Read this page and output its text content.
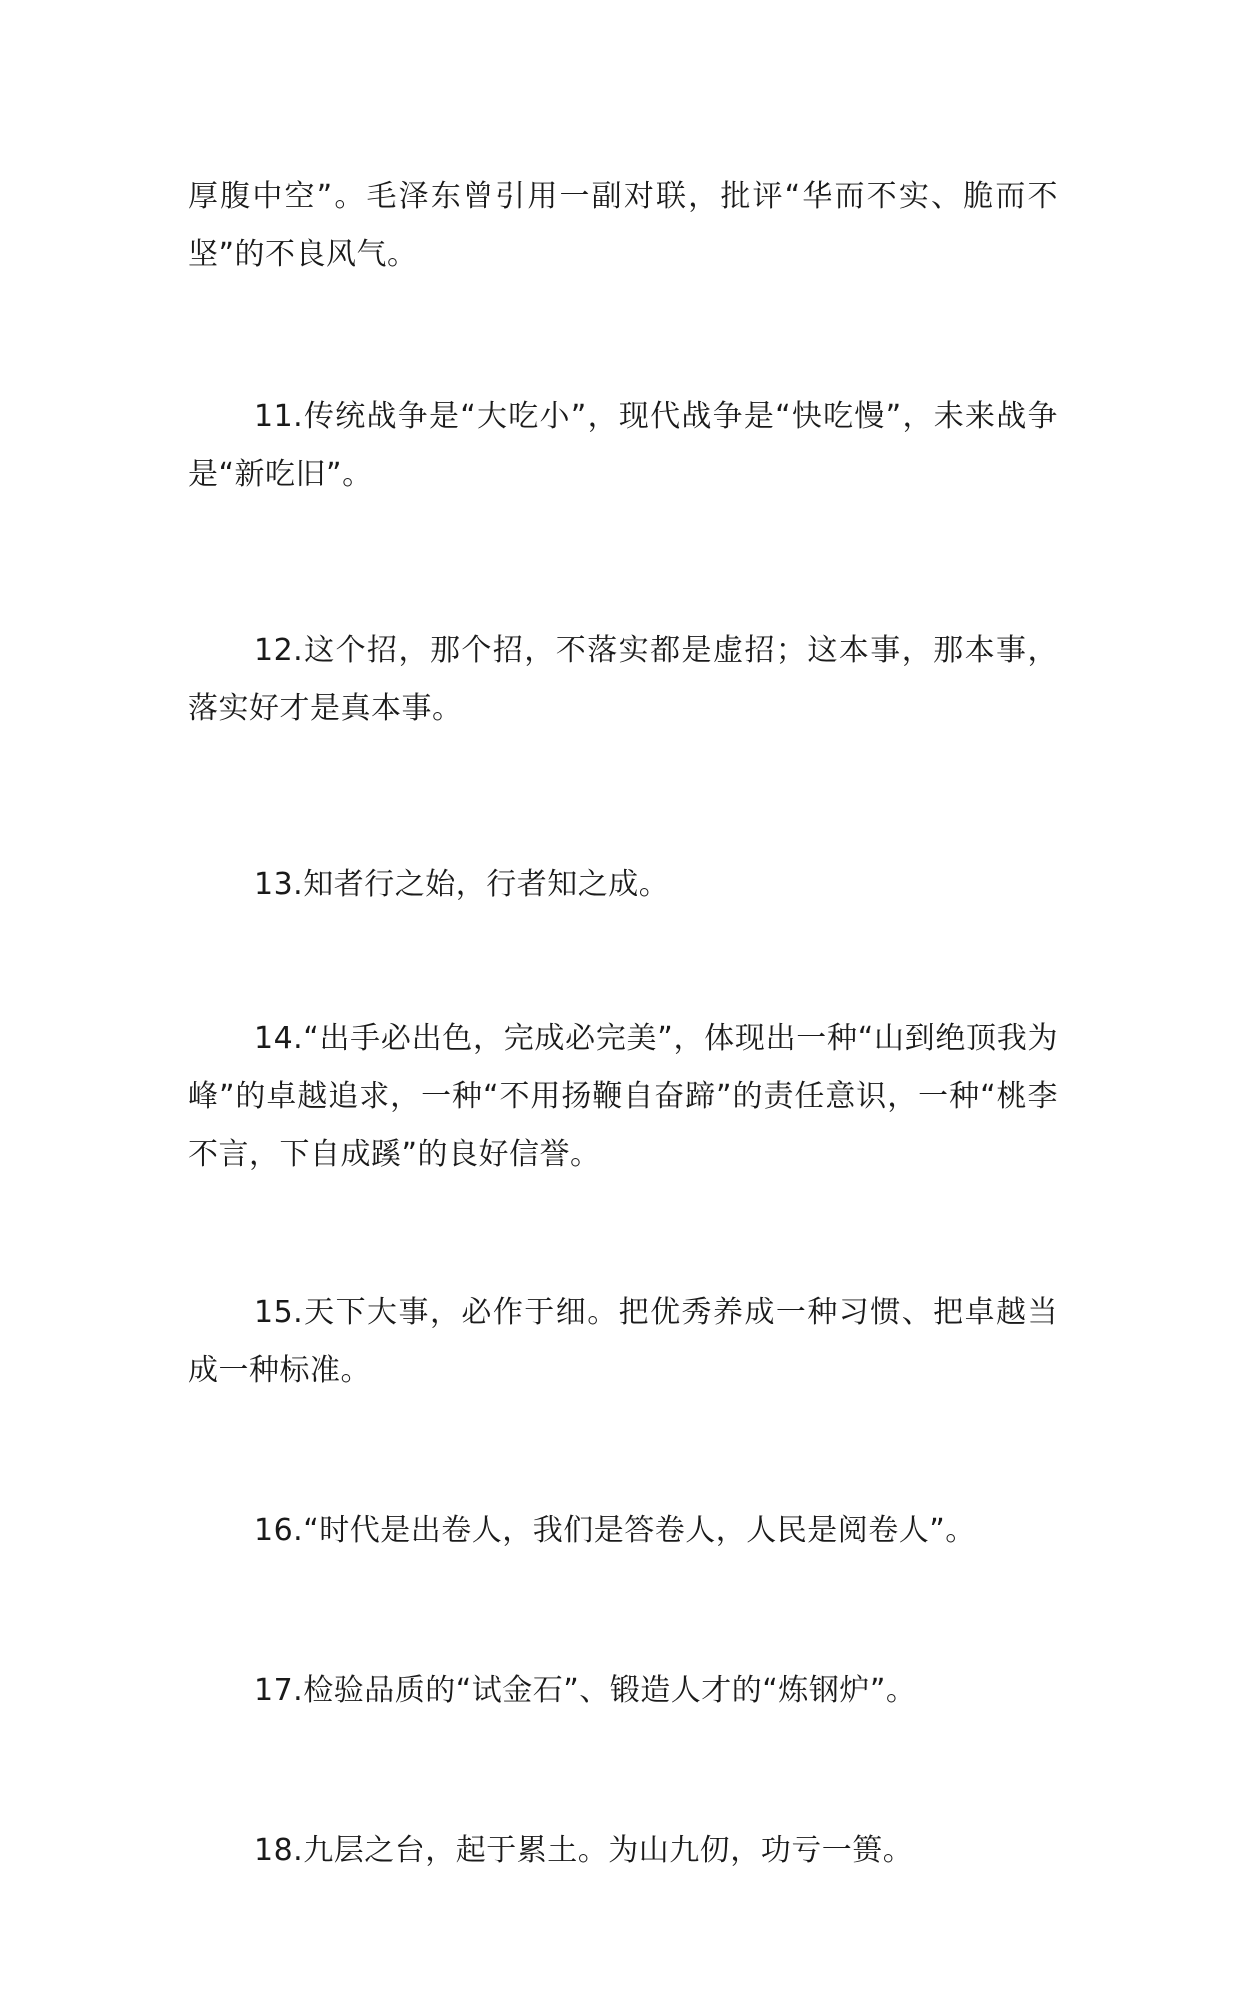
厚腹中空”。毛泽东曾引用一副对联，批评“华而不实、脆而不坚”的不良风气。

11.传统战争是“大吃小”，现代战争是“快吃慢”，未来战争是“新吃旧”。

12.这个招，那个招，不落实都是虚招；这本事，那本事，落实好才是真本事。

13.知者行之始，行者知之成。

14.“出手必出色，完成必完美”，体现出一种“山到绝顶我为峰”的卓越追求，一种“不用扬鞭自奋蹄”的责任意识，一种“桃李不言，下自成蹊”的良好信誉。

15.天下大事，必作于细。把优秀养成一种习惯、把卓越当成一种标准。

16.“时代是出卷人，我们是答卷人，人民是阅卷人”。

17.检验品质的“试金石”、锻造人才的“炼钢炉”。

18.九层之台，起于累土。为山九仞，功亏一篑。
